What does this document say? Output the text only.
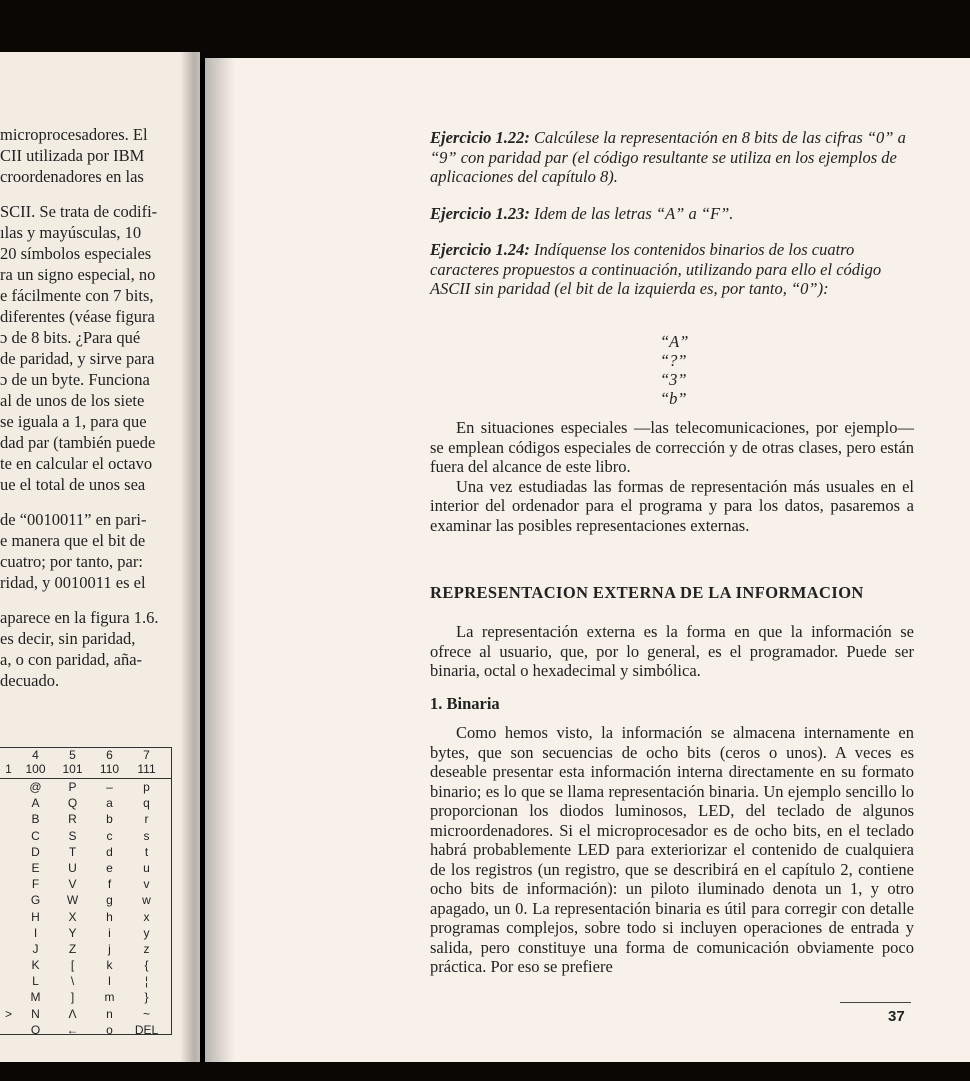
microprocesadores. El
CII utilizada por IBM
croordenadores en las
SCII. Se trata de codifi-
ılas y mayúsculas, 10
20 símbolos especiales
ra un signo especial, no
e fácilmente con 7 bits,
diferentes (véase figura
ɔ de 8 bits. ¿Para qué
de paridad, y sirve para
ɔ de un byte. Funciona
al de unos de los siete
se iguala a 1, para que
dad par (también puede
te en calcular el octavo
ue el total de unos sea
de “0010011” en pari-
e manera que el bit de
cuatro; por tanto, par:
ridad, y 0010011 es el
aparece en la figura 1.6.
es decir, sin paridad,
a, o con paridad, aña-
decuado.
4	5	6	7
1	100	101	110	111
@	P	–	p
A	Q	a	q
B	R	b	r
C	S	c	s
D	T	d	t
E	U	e	u
F	V	f	v
G	W	g	w
H	X	h	x
I	Y	i	y
J	Z	j	z
K	[	k	{
L	\	l	¦
M	]	m	}
>	N	Λ	n	~
O	←	o	DEL
Ejercicio 1.22: Calcúlese la representación en 8 bits de las cifras “0” a “9” con paridad par (el código resultante se utiliza en los ejemplos de aplicaciones del capítulo 8).
Ejercicio 1.23: Idem de las letras “A” a “F”.
Ejercicio 1.24: Indíquense los contenidos binarios de los cuatro caracteres propuestos a continuación, utilizando para ello el código ASCII sin paridad (el bit de la izquierda es, por tanto, “0”):
“A”
“?”
“3”
“b”

En situaciones especiales —las telecomunicaciones, por ejemplo— se emplean códigos especiales de corrección y de otras clases, pero están fuera del alcance de este libro.

Una vez estudiadas las formas de representación más usuales en el interior del ordenador para el programa y para los datos, pasaremos a examinar las posibles representaciones externas.

REPRESENTACION EXTERNA DE LA INFORMACION

La representación externa es la forma en que la información se ofrece al usuario, que, por lo general, es el programador. Puede ser binaria, octal o hexadecimal y simbólica.

1. Binaria

Como hemos visto, la información se almacena internamente en bytes, que son secuencias de ocho bits (ceros o unos). A veces es deseable presentar esta información interna directamente en su formato binario; es lo que se llama representación binaria. Un ejemplo sencillo lo proporcionan los diodos luminosos, LED, del teclado de algunos microordenadores. Si el microprocesador es de ocho bits, en el teclado habrá probablemente LED para exteriorizar el contenido de cualquiera de los registros (un registro, que se describirá en el capítulo 2, contiene ocho bits de información): un piloto iluminado denota un 1, y otro apagado, un 0. La representación binaria es útil para corregir con detalle programas complejos, sobre todo si incluyen operaciones de entrada y salida, pero constituye una forma de comunicación obviamente poco práctica. Por eso se prefiere

37
